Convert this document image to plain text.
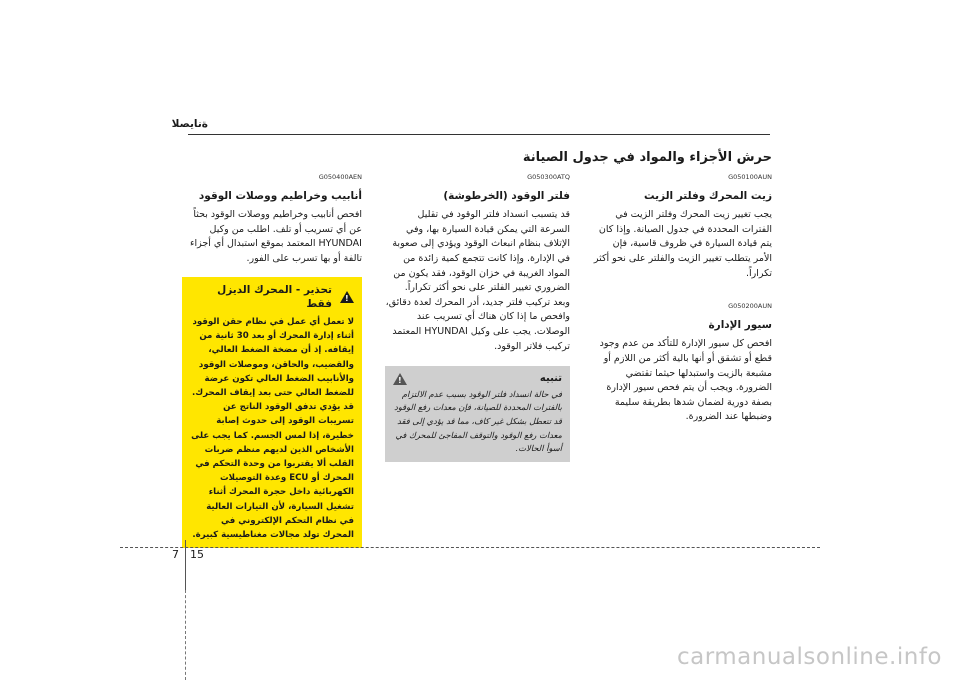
ةنايصلا
حرش الأجزاء والمواد في جدول الصيانة
G050100AUN
زيت المحرك وفلتر الزيت

يجب تغيير زيت المحرك وفلتر الزيت في الفترات المحددة في جدول الصيانة. وإذا كان يتم قيادة السيارة في ظروف قاسية، فإن الأمر يتطلب تغيير الزيت والفلتر على نحو أكثر تكراراً.

G050200AUN
سيور الإدارة

افحص كل سيور الإدارة للتأكد من عدم وجود قطع أو تشقق أو أنها بالية أكثر من اللازم أو مشبعة بالزيت واستبدلها حيثما تقتضي الضرورة. ويجب أن يتم فحص سيور الإدارة بصفة دورية لضمان شدها بطريقة سليمة وضبطها عند الضرورة.

G050300ATQ
فلتر الوقود (الخرطوشة)

قد يتسبب انسداد فلتر الوقود في تقليل السرعة التي يمكن قيادة السيارة بها، وفي الإتلاف بنظام انبعاث الوقود ويؤدي إلى صعوبة في الإدارة. وإذا كانت تتجمع كمية زائدة من المواد الغريبة في خزان الوقود، فقد يكون من الضروري تغيير الفلتر على نحو أكثر تكراراً. وبعد تركيب فلتر جديد، أدر المحرك لعدة دقائق، وافحص ما إذا كان هناك أي تسريب عند الوصلات. يجب على وكيل HYUNDAI المعتمد تركيب فلاتر الوقود.

تنبيه
!
في حالة انسداد فلتر الوقود بسبب عدم الالتزام بالفترات المحددة للصيانة، فإن معدات رفع الوقود قد تتعطل بشكل غير كاف، مما قد يؤدي إلى فقد معدات رفع الوقود والتوقف المفاجئ للمحرك في أسوأ الحالات.
G050400AEN
أنابيب وخراطيم ووصلات الوقود

افحص أنابيب وخراطيم ووصلات الوقود بحثاً عن أي تسريب أو تلف. اطلب من وكيل HYUNDAI المعتمد بموقع استبدال أي أجزاء تالفة أو بها تسرب على الفور.

!
تحذير - المحرك الديزل فقط
لا تعمل أي عمل في نظام حقن الوقود أثناء إدارة المحرك أو بعد 30 ثانية من إيقافه. إذ أن مضخة الضغط العالي، والقضيب، والحاقن، وموصلات الوقود والأنابيب الضغط العالي تكون عرضة للضغط العالي حتى بعد إيقاف المحرك. قد يؤدي تدفق الوقود الناتج عن تسريبات الوقود إلى حدوث إصابة خطيرة، إذا لمس الجسم. كما يجب على الأشخاص الذين لديهم منظم ضربات القلب ألا يقتربوا من وحدة التحكم في المحرك أو ECU وعدة التوصيلات الكهربائية داخل حجرة المحرك أثناء تشغيل السيارة، لأن التيارات العالية في نظام التحكم الإلكتروني في المحرك تولد مجالات مغناطيسية كبيرة.
7 15
carmanualsonline.info
